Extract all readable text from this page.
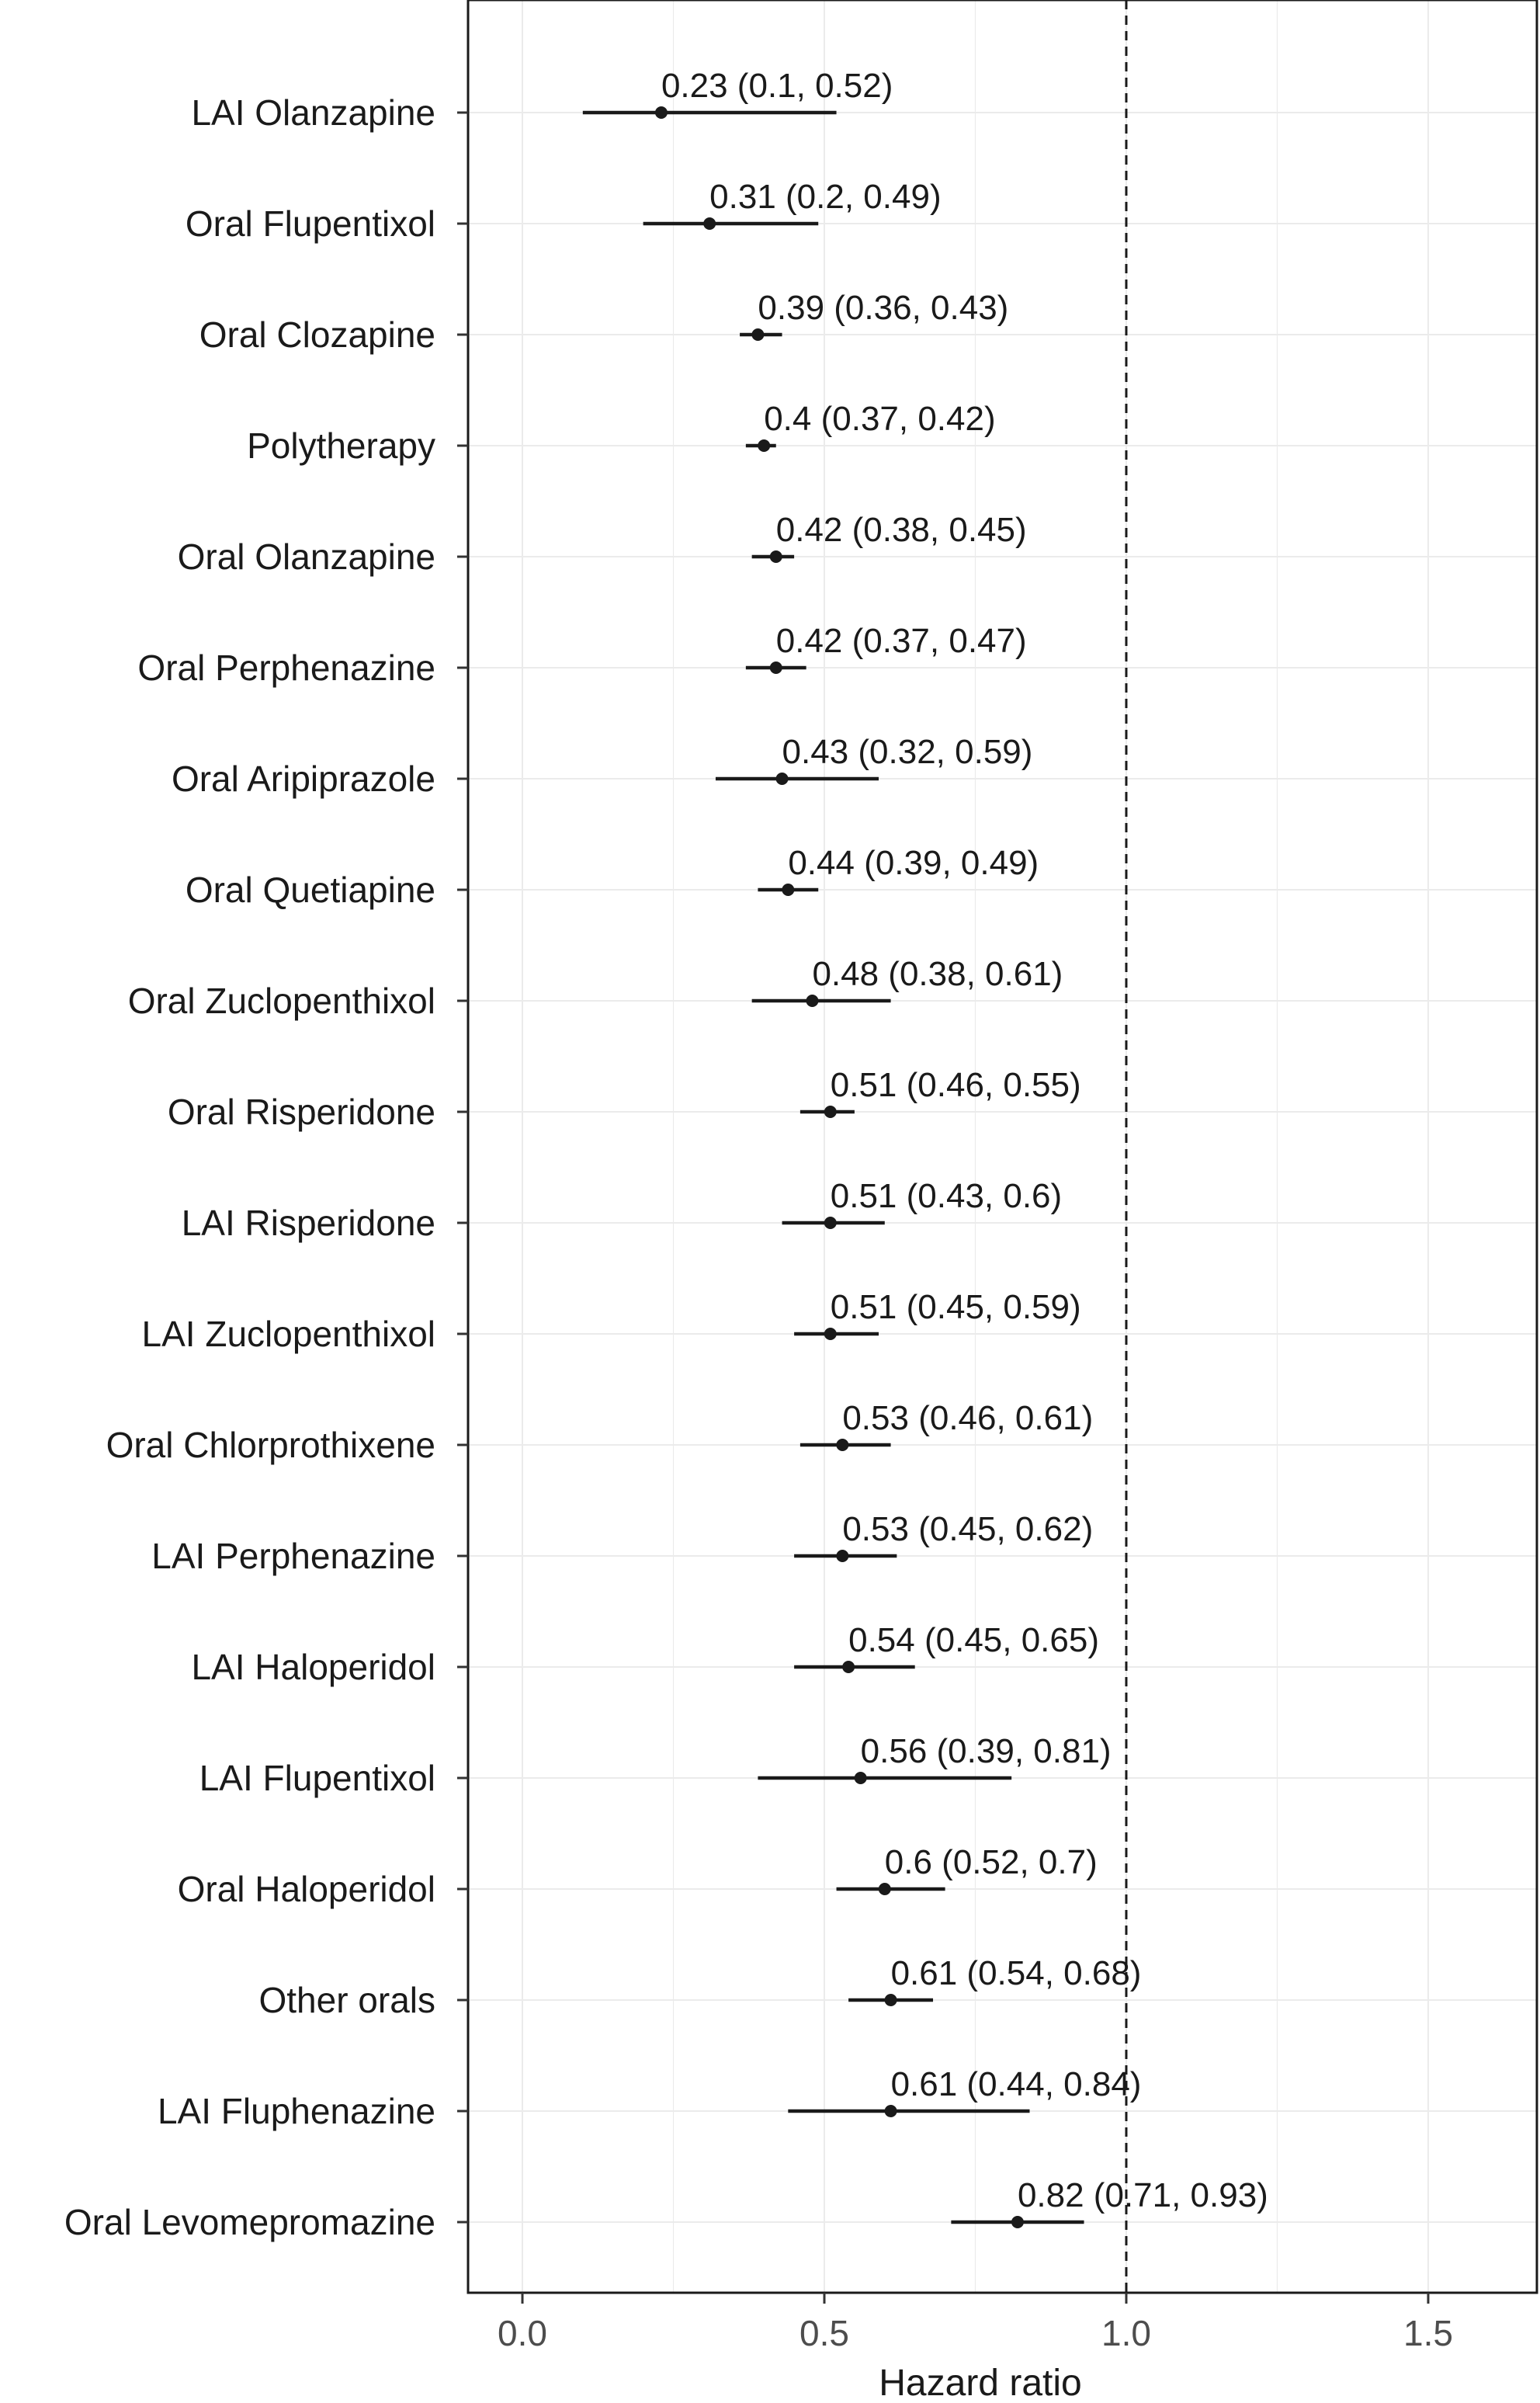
0.23 (0.1, 0.52)
0.31 (0.2, 0.49)
0.39 (0.36, 0.43)
0.4 (0.37, 0.42)
0.42 (0.38, 0.45)
0.42 (0.37, 0.47)
0.43 (0.32, 0.59)
0.44 (0.39, 0.49)
0.48 (0.38, 0.61)
0.51 (0.46, 0.55)
0.51 (0.43, 0.6)
0.51 (0.45, 0.59)
0.53 (0.46, 0.61)
0.53 (0.45, 0.62)
0.54 (0.45, 0.65)
0.56 (0.39, 0.81)
0.6 (0.52, 0.7)
0.61 (0.54, 0.68)
0.61 (0.44, 0.84)
0.82 (0.71, 0.93)
LAI Olanzapine
Oral Flupentixol
Oral Clozapine
Polytherapy
Oral Olanzapine
Oral Perphenazine
Oral Aripiprazole
Oral Quetiapine
Oral Zuclopenthixol
Oral Risperidone
LAI Risperidone
LAI Zuclopenthixol
Oral Chlorprothixene
LAI Perphenazine
LAI Haloperidol
LAI Flupentixol
Oral Haloperidol
Other orals
LAI Fluphenazine
Oral Levomepromazine
0.0	0.5	1.0	1.5
Hazard ratio
